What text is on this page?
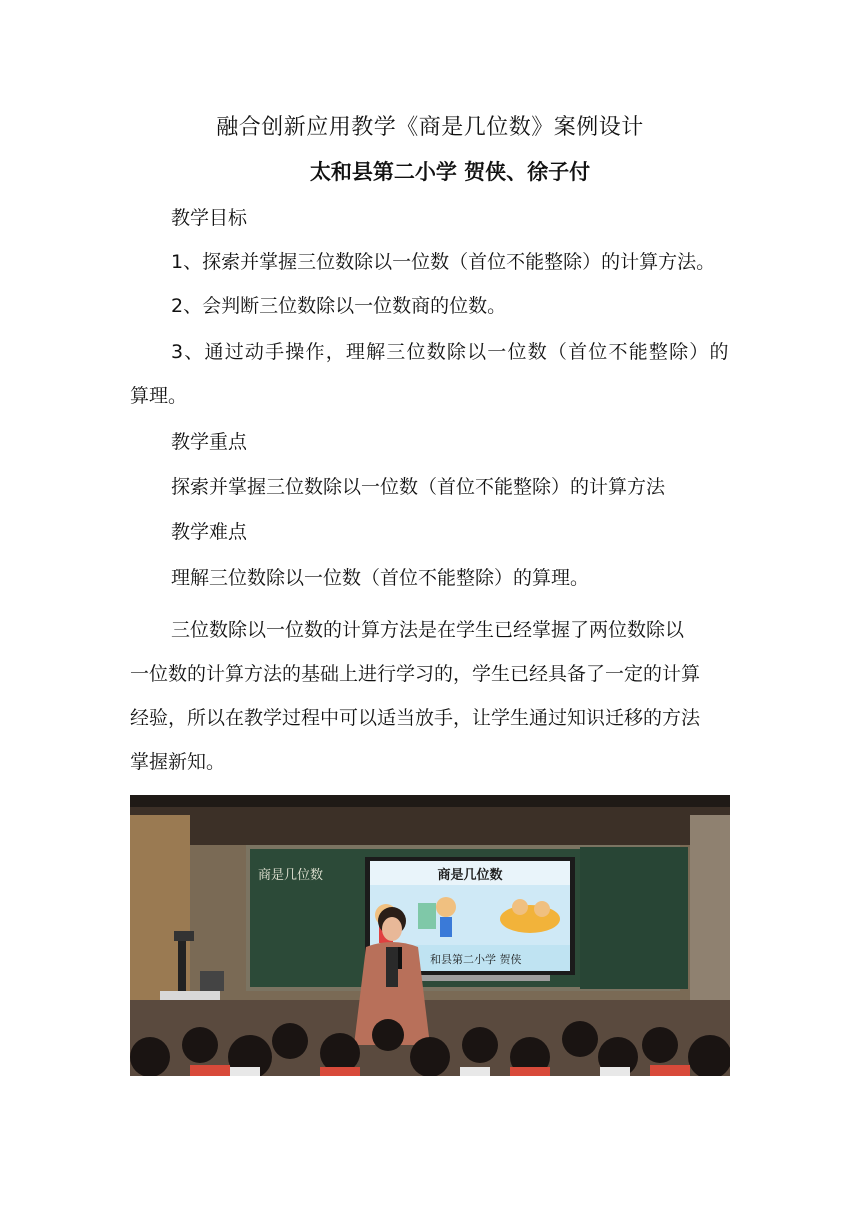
融合创新应用教学《商是几位数》案例设计
太和县第二小学 贺侠、徐子付
教学目标
1、探索并掌握三位数除以一位数（首位不能整除）的计算方法。
2、会判断三位数除以一位数商的位数。
3、通过动手操作，理解三位数除以一位数（首位不能整除）的
算理。
教学重点
探索并掌握三位数除以一位数（首位不能整除）的计算方法
教学难点
理解三位数除以一位数（首位不能整除）的算理。
三位数除以一位数的计算方法是在学生已经掌握了两位数除以
一位数的计算方法的基础上进行学习的，学生已经具备了一定的计算
经验，所以在教学过程中可以适当放手，让学生通过知识迁移的方法
掌握新知。
商是几位数	商是几位数
和县第二小学 贺侠
